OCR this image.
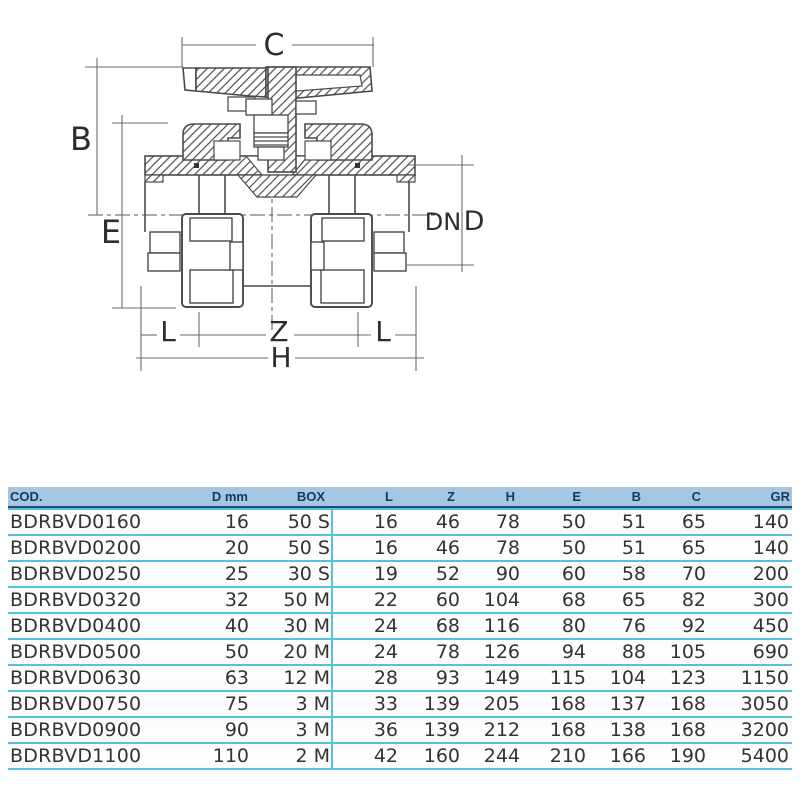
C
B
E	DN D
L	Z	L
H
COD.	D mm	BOX	L	Z	H	E	B	C	GR
BDRBVD0160	16	50 S	16	46	78	50	51	65	140
BDRBVD0200	20	50 S	16	46	78	50	51	65	140
BDRBVD0250	25	30 S	19	52	90	60	58	70	200
BDRBVD0320	32	50 M	22	60	104	68	65	82	300
BDRBVD0400	40	30 M	24	68	116	80	76	92	450
BDRBVD0500	50	20 M	24	78	126	94	88	105	690
BDRBVD0630	63	12 M	28	93	149	115	104	123	1150
BDRBVD0750	75	3 M	33	139	205	168	137	168	3050
BDRBVD0900	90	3 M	36	139	212	168	138	168	3200
BDRBVD1100	110	2 M	42	160	244	210	166	190	5400
